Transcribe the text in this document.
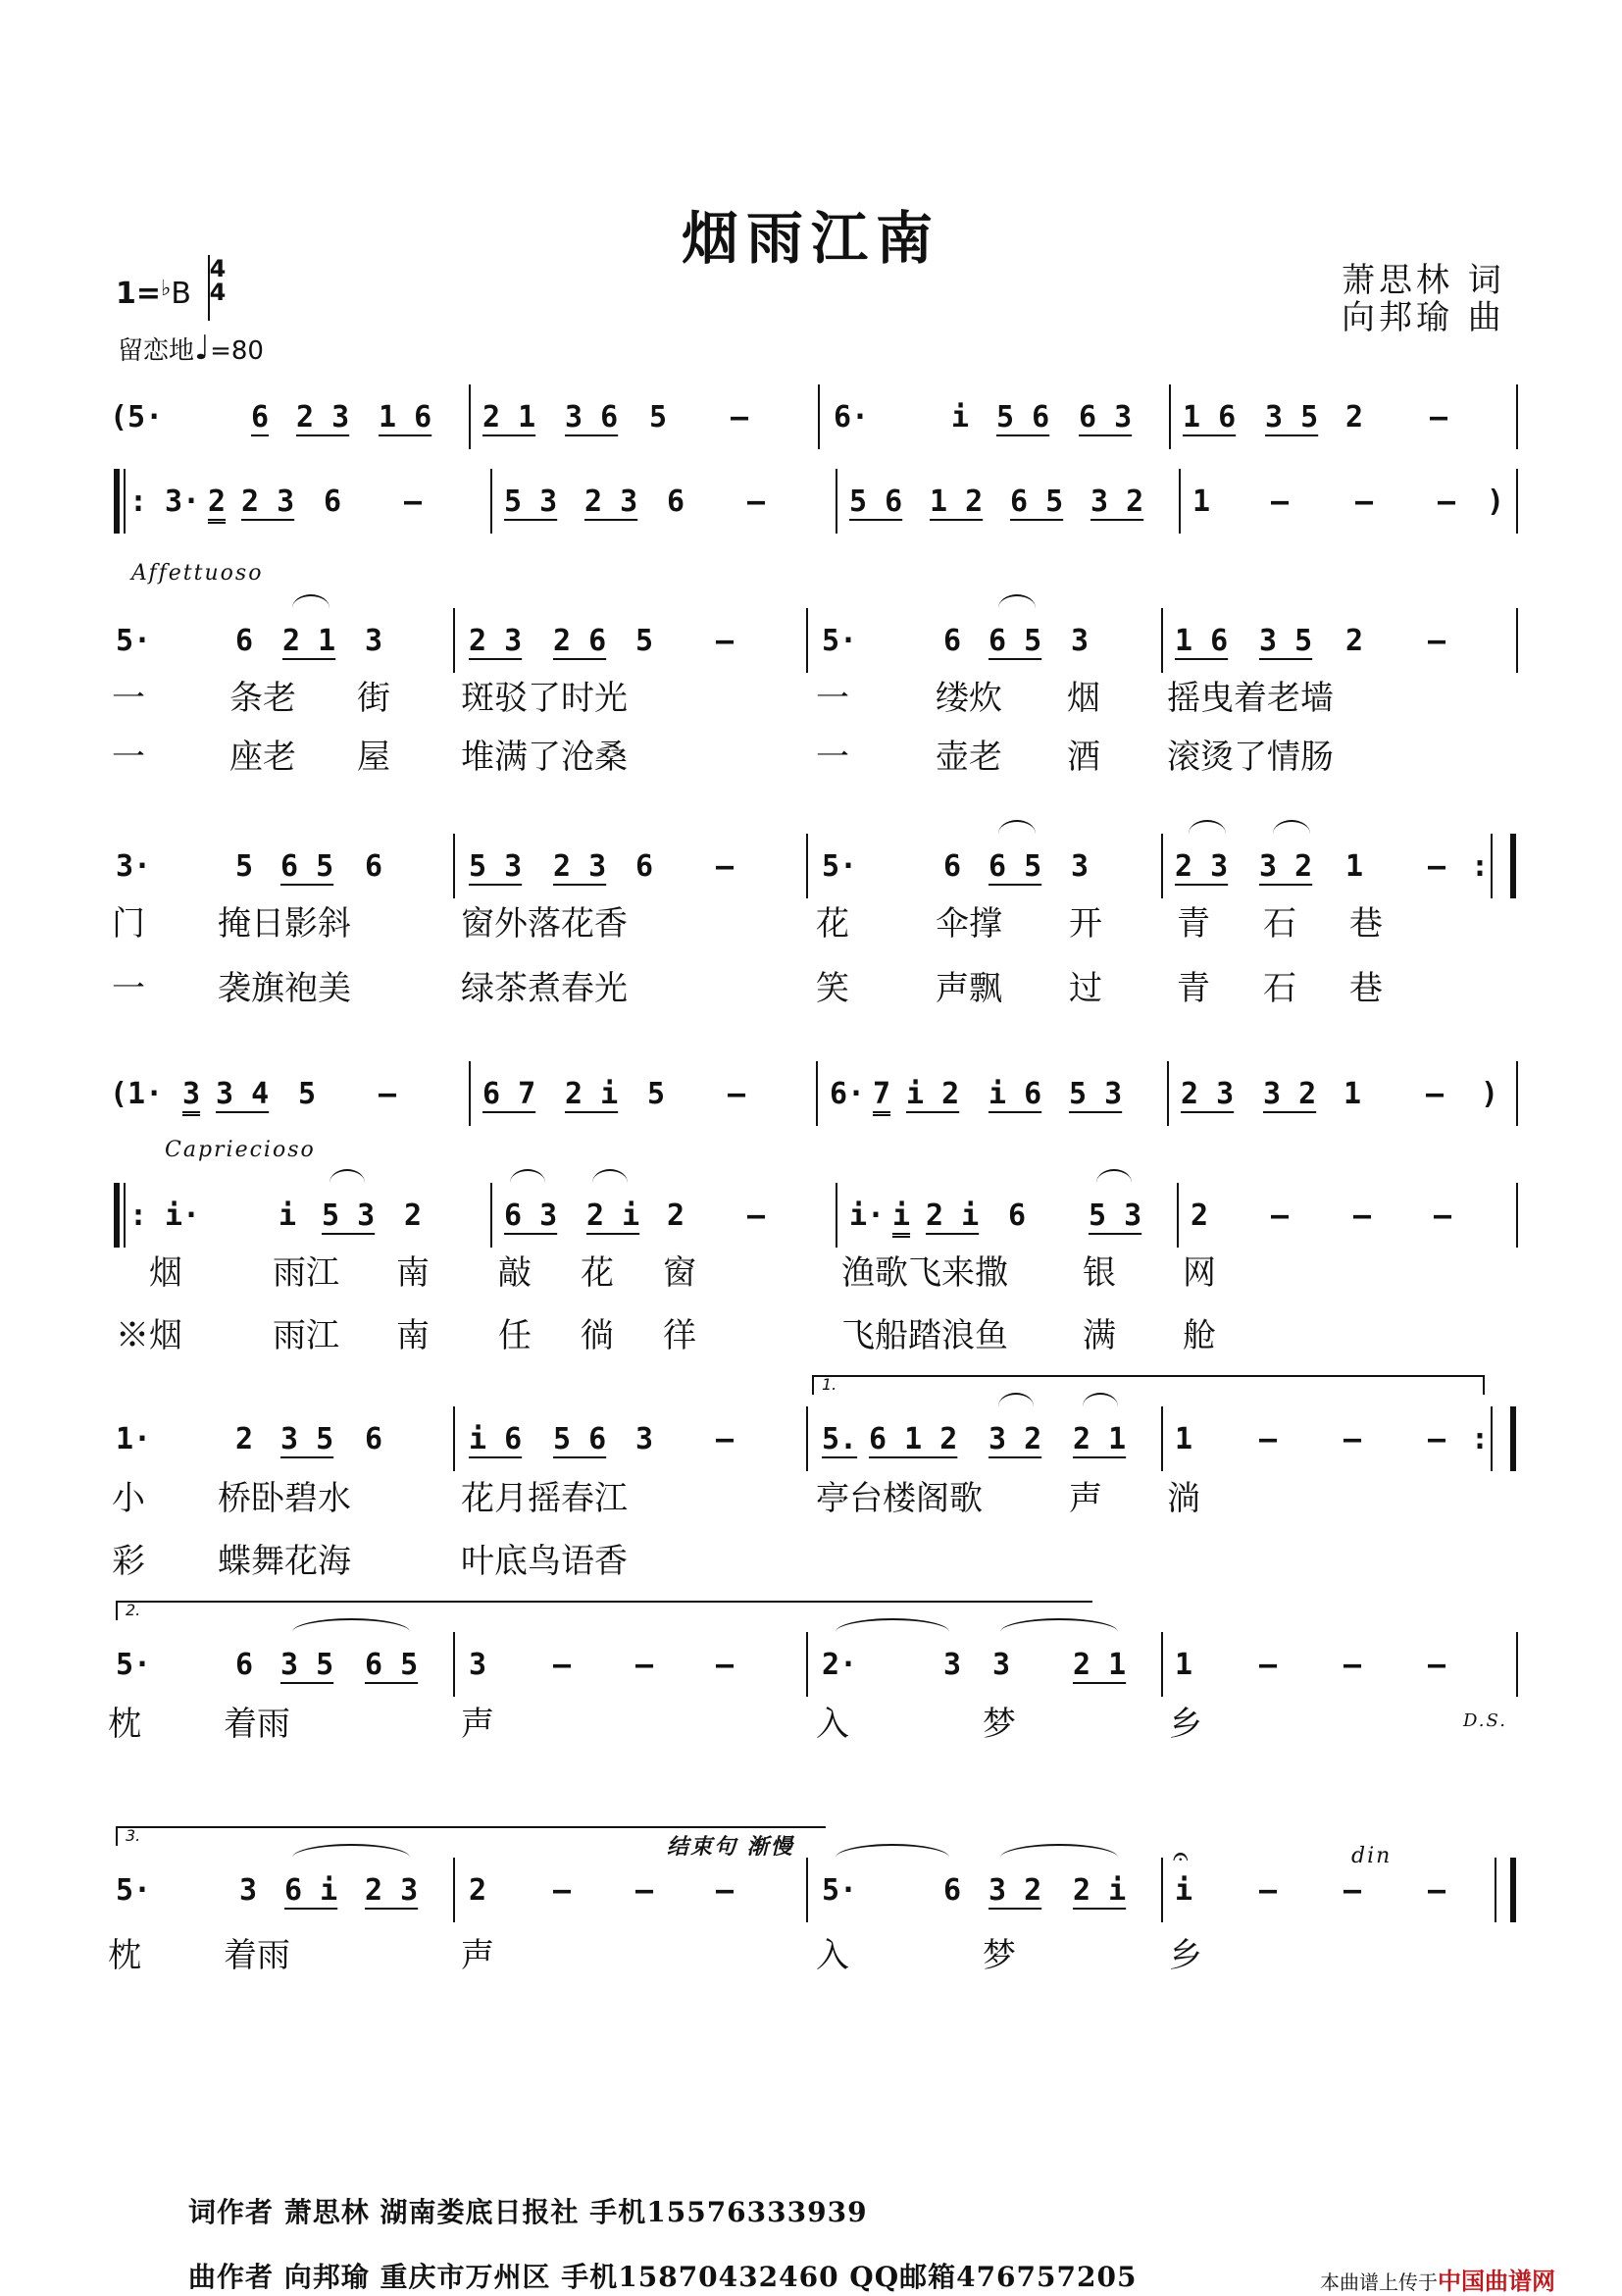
烟雨江南
萧思林 词
向邦瑜 曲
1=♭B
4
4
留恋地♩=80
(5·	6 2 3 1 6 2 1 3 6 5 –	6·	i 5 6 6 3 1 6 3 5 2 –
: 3· 2 2 3 6 –	5 3 2 3 6 –	5 6 1 2 6 5 3 2 1 – – – )
Affettuoso
5·	6 2 1 3	2 3 2 6 5 –	5·	6 6 5 3	1 6 3 5 2 –
一	条老 街 斑驳了时光	一	缕炊 烟 摇曳着老墙
一	座老 屋 堆满了沧桑	一	壶老 酒 滚烫了情肠
3·	5 6 5 6	5 3 2 3 6 –	5·	6 6 5 3	2 3 3 2 1 – :
门 掩日影斜	窗外落花香	花	伞撑 开 青 石 巷
一 袭旗袍美	绿茶煮春光	笑	声飘 过 青 石 巷
(1· 3 3 4 5 –	6 7 2 i 5 –	6· 7 i 2 i 6 5 3 2 3 3 2 1 – )
Capriecioso
: i·	i 5 3 2	6 3 2 i 2 –	i· i 2 i 6 5 3 2 – – –
烟	雨江 南 敲 花 窗	渔歌飞来撒 银 网
※烟	雨江 南 任 徜 徉	飞船踏浪鱼 满 舱
1.
1·	2 3 5 6	i 6 5 6 3 –	5. 6 1 2 3 2 2 1 1 – – – :
小 桥卧碧水	花月摇春江	亭台楼阁歌	声 淌
彩 蝶舞花海	叶底鸟语香
2.
5·	6 3 5 6 5 3 – – –	2·	3 3 2 1 1 – – –
枕 着雨	声	入	梦	乡	D.S.
3.	结束句 渐慢	din
𝄐
5·	3 6 i 2 3 2 – – –	5·	6 3 2 2 i i – – –
枕 着雨	声	入	梦	乡
词作者 萧思林 湖南娄底日报社 手机15576333939
曲作者 向邦瑜 重庆市万州区 手机15870432460 QQ邮箱476757205	本曲谱上传于中国曲谱网
